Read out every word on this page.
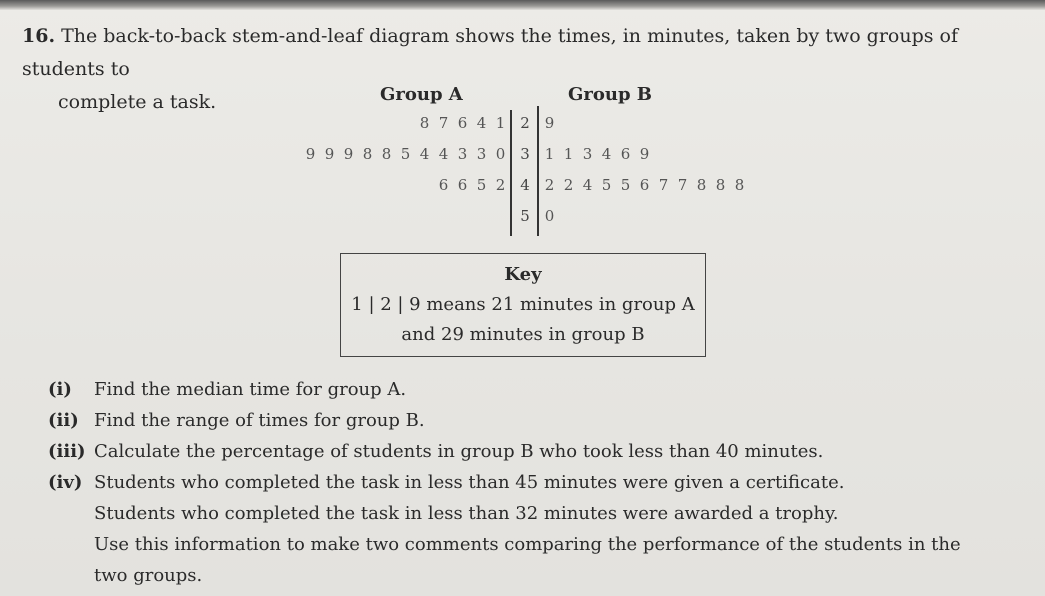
16. The back-to-back stem-and-leaf diagram shows the times, in minutes, taken by two groups of students to
complete a task.	Group A	Group B
8 7 6 4 1 2 9
9 9 9 8 8 5 4 4 3 3 0 3 1 1 3 4 6 9
6 6 5 2 4 2 2 4 5 5 6 7 7 8 8 8
5 0
Key
1 | 2 | 9 means 21 minutes in group A
and 29 minutes in group B
(i) Find the median time for group A.
(ii) Find the range of times for group B.
(iii) Calculate the percentage of students in group B who took less than 40 minutes.
(iv) Students who completed the task in less than 45 minutes were given a certificate.
Students who completed the task in less than 32 minutes were awarded a trophy.
Use this information to make two comments comparing the performance of the students in the
two groups.
